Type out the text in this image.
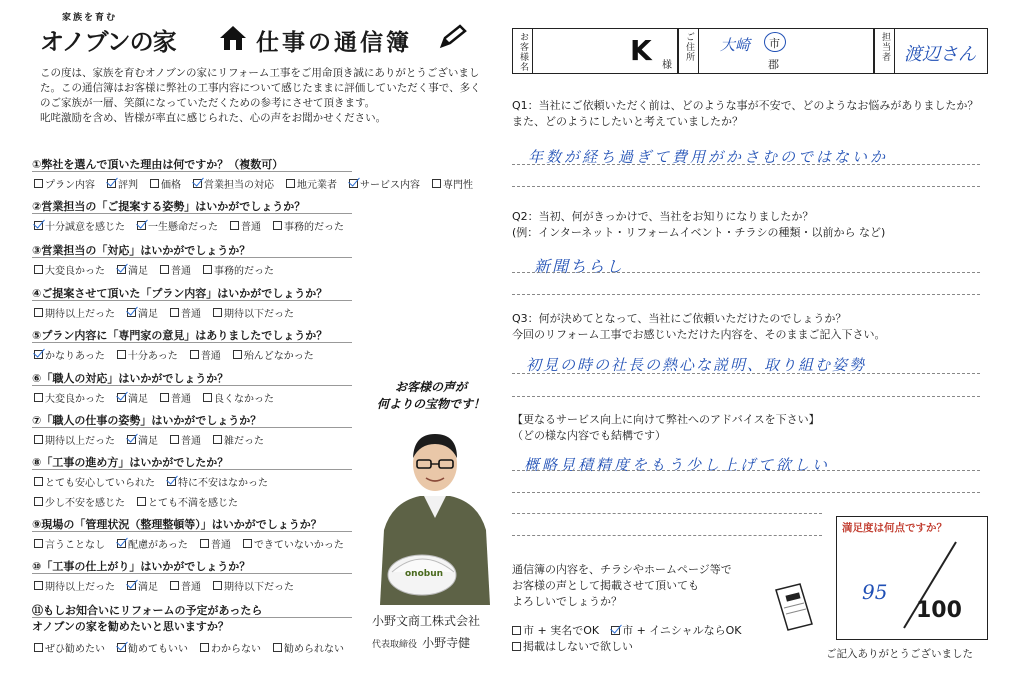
家族を育む
オノブンの家	仕事の通信簿
この度は、家族を育むオノブンの家にリフォーム工事をご用命頂き誠にありがとうございまし
た。この通信簿はお客様に弊社の工事内容について感じたままに評価していただく事で、多く
のご家族が一層、笑顔になっていただくための参考にさせて頂きます。
叱咤激励を含め、皆様が率直に感じられた、心の声をお聞かせください。
①弊社を選んで頂いた理由は何ですか？（複数可）
プラン内容 評判 価格 営業担当の対応 地元業者 サービス内容 専門性
②営業担当の「ご提案する姿勢」はいかがでしょうか？
十分誠意を感じた 一生懸命だった 普通 事務的だった
③営業担当の「対応」はいかがでしょうか？
大変良かった 満足 普通 事務的だった
④ご提案させて頂いた「プラン内容」はいかがでしょうか？
期待以上だった 満足 普通 期待以下だった
⑤プラン内容に「専門家の意見」はありましたでしょうか？
かなりあった 十分あった 普通 殆んどなかった
⑥「職人の対応」はいかがでしょうか？
大変良かった 満足 普通 良くなかった
⑦「職人の仕事の姿勢」はいかがでしょうか？
期待以上だった 満足 普通 雑だった
⑧「工事の進め方」はいかがでしたか？
とても安心していられた 特に不安はなかった
少し不安を感じた とても不満を感じた
⑨現場の「管理状況（整理整頓等）」はいかがでしょうか？
言うことなし 配慮があった 普通 できていないかった
⑩「工事の仕上がり」はいかがでしょうか？
期待以上だった 満足 普通 期待以下だった
⑪もしお知合いにリフォームの予定があったら
オノブンの家を勧めたいと思いますか？
ぜひ勧めたい 勧めてもいい わからない 勧められない
お客様の声が
何よりの宝物です！
onobun
小野文商工株式会社
代表取締役 小野寺健
お客様名	K 様
ご住所 大崎 市
郡
担当者 渡辺さん
Q1：当社にご依頼いただく前は、どのような事が不安で、どのようなお悩みがありましたか？
また、どのようにしたいと考えていましたか？
年数が経ち過ぎて費用がかさむのではないか
Q2：当初、何がきっかけで、当社をお知りになりましたか？
(例：インターネット・リフォームイベント・チラシの種類・以前から など)
新聞ちらし
Q3：何が決めてとなって、当社にご依頼いただけたのでしょうか？
今回のリフォーム工事でお感じいただけた内容を、そのままご記入下さい。
初見の時の社長の熱心な説明、取り組む姿勢
【更なるサービス向上に向けて弊社へのアドバイスを下さい】
（どの様な内容でも結構です）
概略見積精度をもう少し上げて欲しい
通信簿の内容を、チラシやホームページ等で
お客様の声として掲載させて頂いても
よろしいでしょうか？
市 + 実名でOK 市 + イニシャルならOK
掲載はしないで欲しい
満足度は何点ですか？
95
100
ご記入ありがとうございました
